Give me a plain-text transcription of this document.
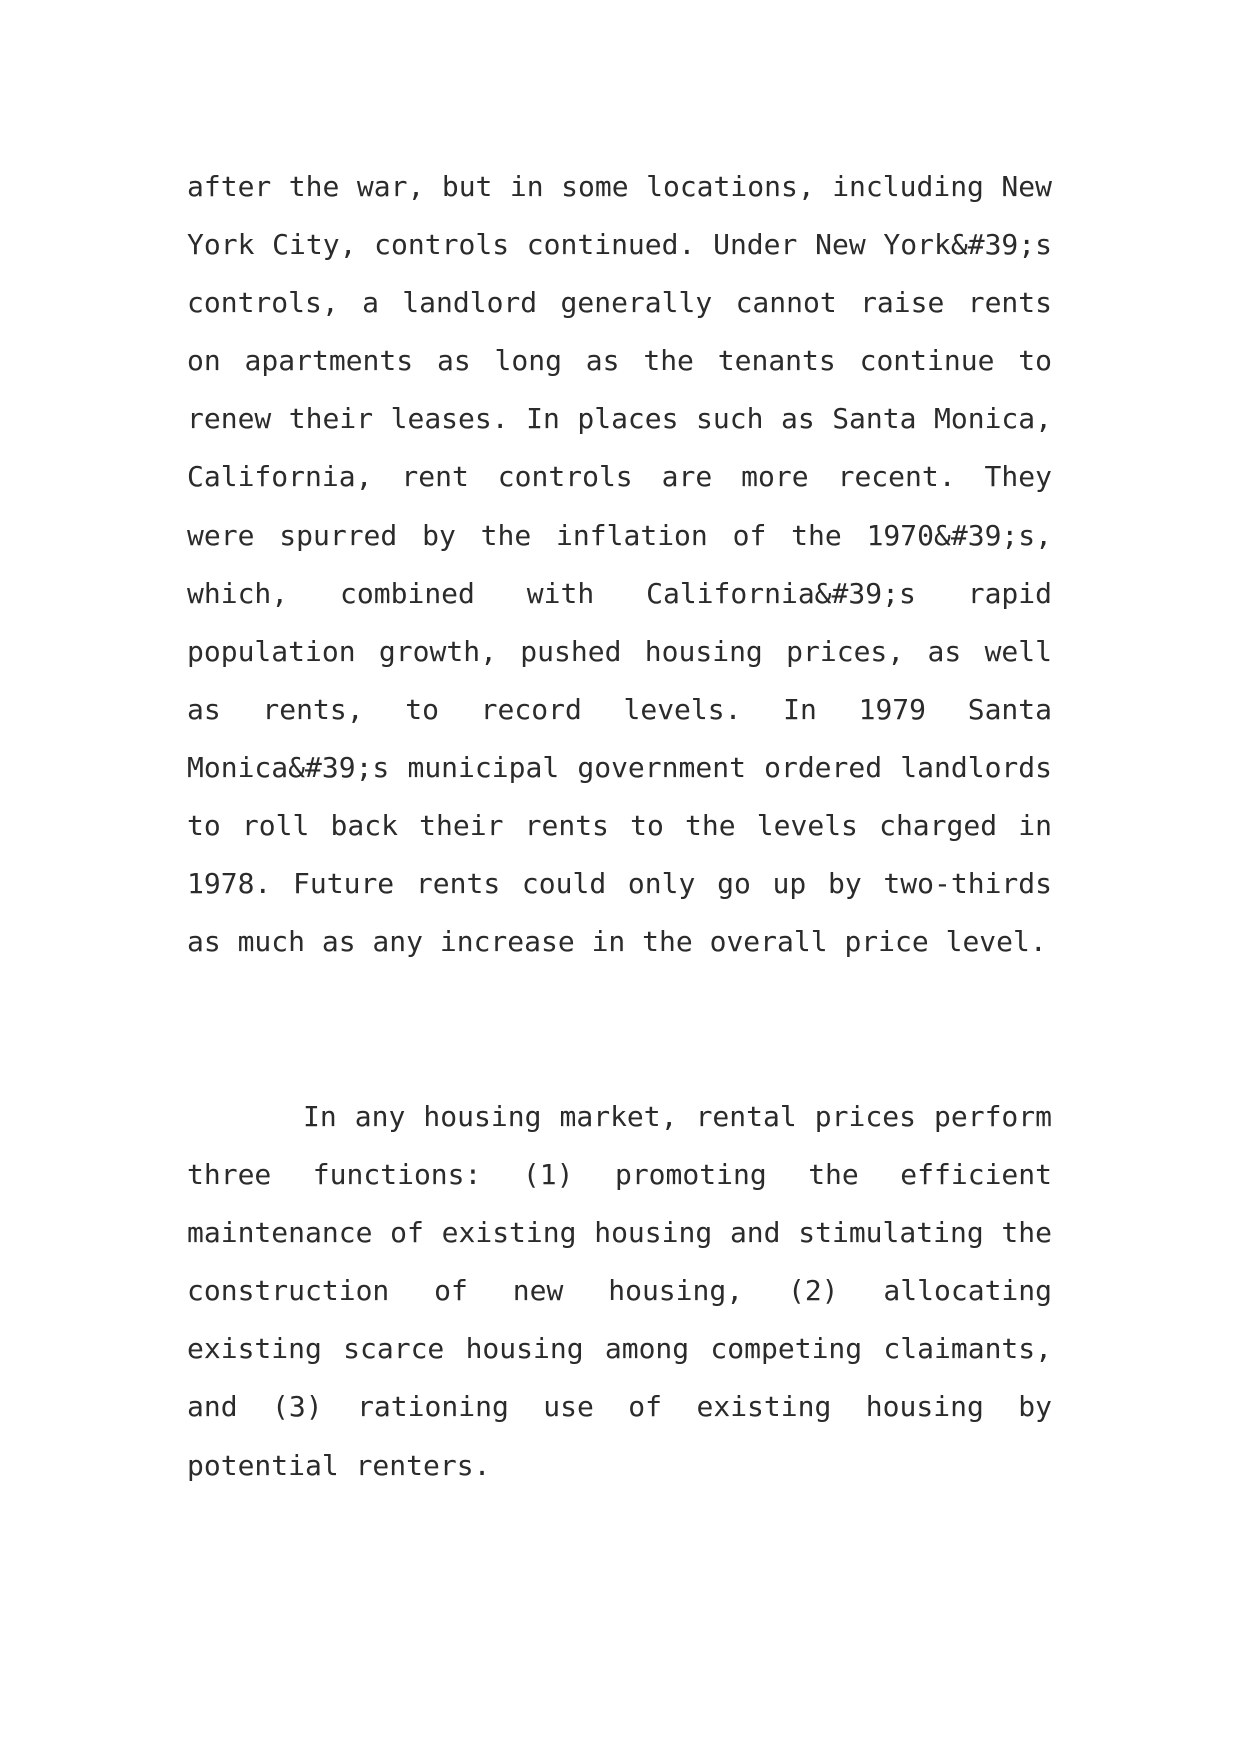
after the war, but in some locations, including New
York City, controls continued. Under New York&#39;s
controls, a landlord generally cannot raise rents
on apartments as long as the tenants continue to
renew their leases. In places such as Santa Monica,
California, rent controls are more recent. They
were spurred by the inflation of the 1970&#39;s,
which, combined with California&#39;s rapid
population growth, pushed housing prices, as well
as rents, to record levels. In 1979 Santa
Monica&#39;s municipal government ordered landlords
to roll back their rents to the levels charged in
1978. Future rents could only go up by two-thirds
as much as any increase in the overall price level.
In any housing market, rental prices perform
three functions: (1) promoting the efficient
maintenance of existing housing and stimulating the
construction of new housing, (2) allocating
existing scarce housing among competing claimants,
and (3) rationing use of existing housing by
potential renters.
